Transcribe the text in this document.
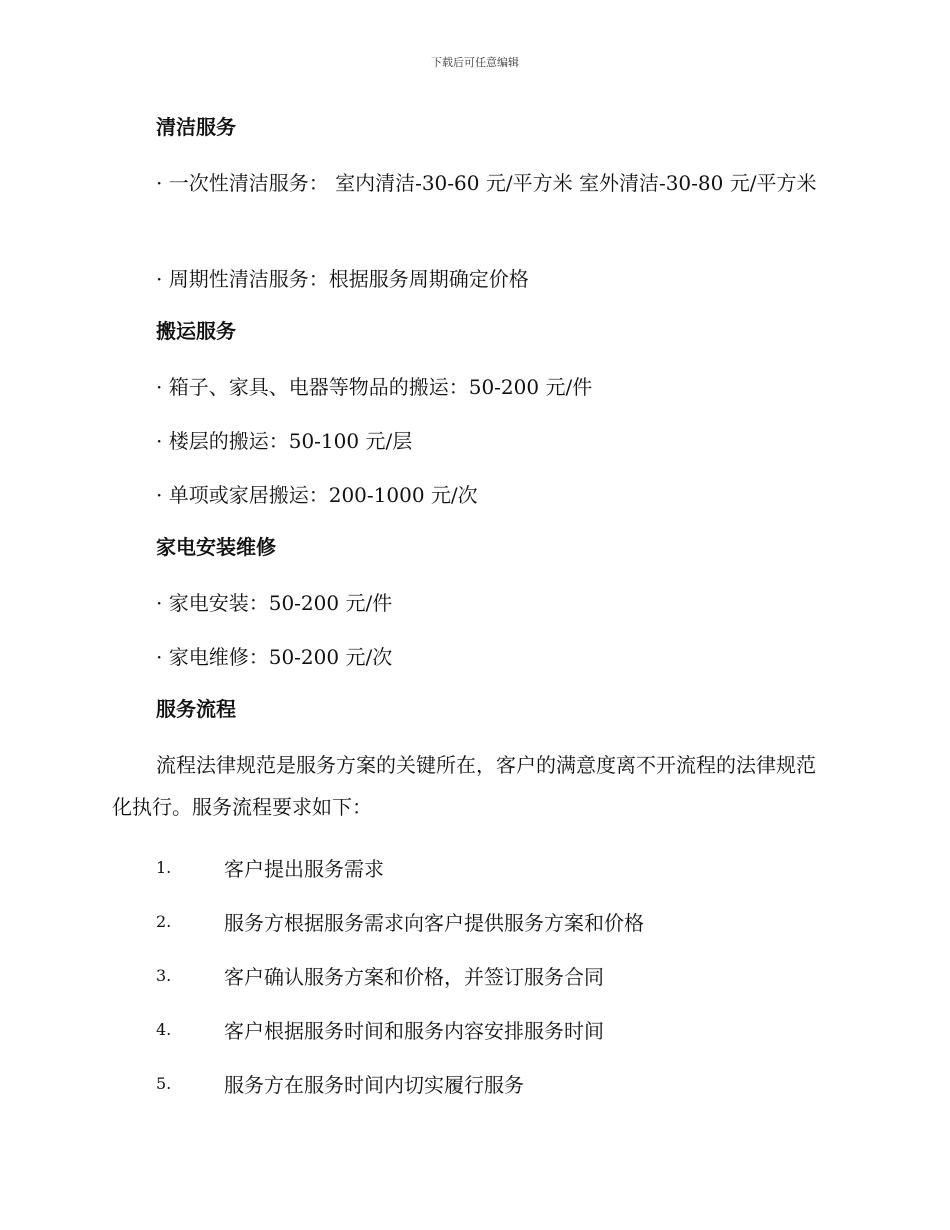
下载后可任意编辑
清洁服务
· 一次性清洁服务： 室内清洁-30-60 元/平方米 室外清洁-30-80 元/平方米
· 周期性清洁服务：根据服务周期确定价格
搬运服务
· 箱子、家具、电器等物品的搬运：50-200 元/件
· 楼层的搬运：50-100 元/层
· 单项或家居搬运：200-1000 元/次
家电安装维修
· 家电安装：50-200 元/件
· 家电维修：50-200 元/次
服务流程
流程法律规范是服务方案的关键所在，客户的满意度离不开流程的法律规范化执行。服务流程要求如下：
1.	客户提出服务需求
2.	服务方根据服务需求向客户提供服务方案和价格
3.	客户确认服务方案和价格，并签订服务合同
4.	客户根据服务时间和服务内容安排服务时间
5.	服务方在服务时间内切实履行服务
